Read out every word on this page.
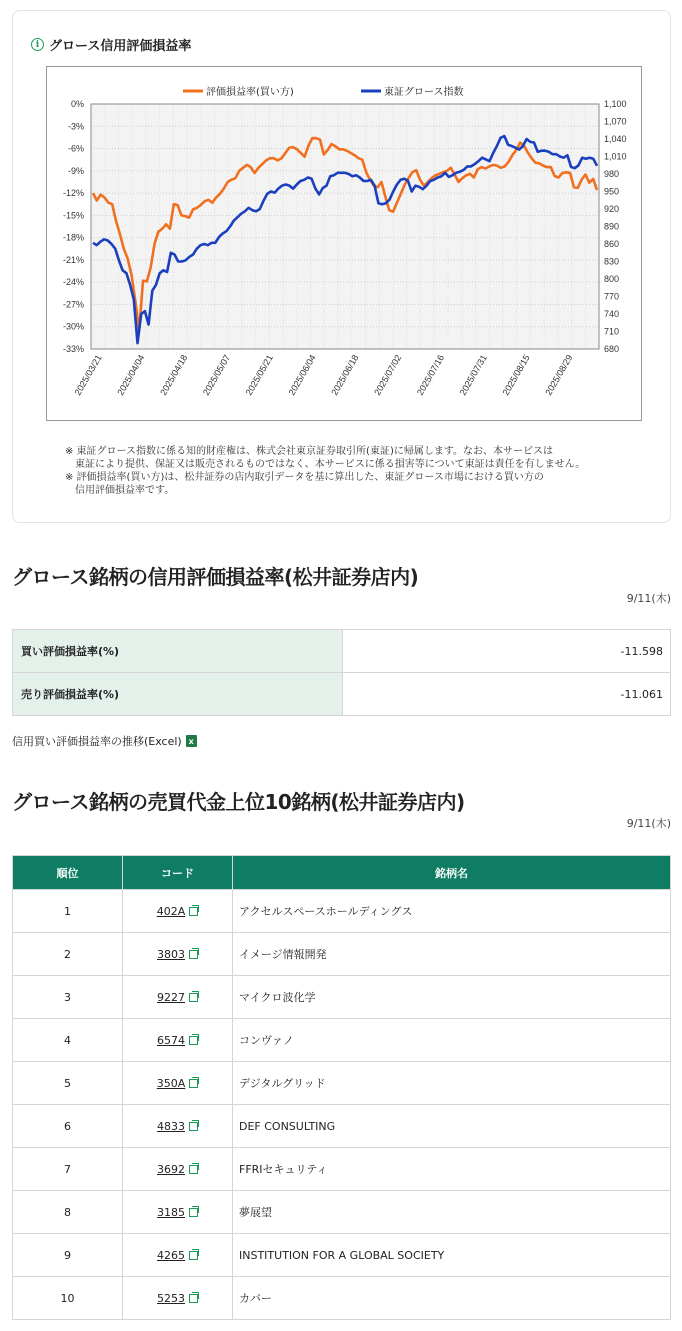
i グロース信用評価損益率
0%
-3%
-6%
-9%
-12%
-15%
-18%
-21%
-24%
-27%
-30%
-33%
1,100
1,070
1,040
1,010
980
950
920
890
860
830
800
770
740
710
680
2025/03/21 2025/04/04 2025/04/18 2025/05/07 2025/05/21 2025/06/04 2025/06/18 2025/07/02 2025/07/16 2025/07/31 2025/08/15 2025/08/29
評価損益率(買い方)	東証グロース指数
※ 東証グロース指数に係る知的財産権は、株式会社東京証券取引所(東証)に帰属します。なお、本サービスは
　東証により提供、保証又は販売されるものではなく、本サービスに係る損害等について東証は責任を有しません。
※ 評価損益率(買い方)は、松井証券の店内取引データを基に算出した、東証グロース市場における買い方の
　信用評価損益率です。
グロース銘柄の信用評価損益率(松井証券店内)
9/11(木)
買い評価損益率(%)	-11.598
売り評価損益率(%)	-11.061
信用買い評価損益率の推移(Excel) x
グロース銘柄の売買代金上位10銘柄(松井証券店内)
9/11(木)
順位	コード	銘柄名
1	402A	アクセルスペースホールディングス
2	3803	イメージ情報開発
3	9227	マイクロ波化学
4	6574	コンヴァノ
5	350A	デジタルグリッド
6	4833	DEF CONSULTING
7	3692	FFRIセキュリティ
8	3185	夢展望
9	4265	INSTITUTION FOR A GLOBAL SOCIETY
10	5253	カバー
